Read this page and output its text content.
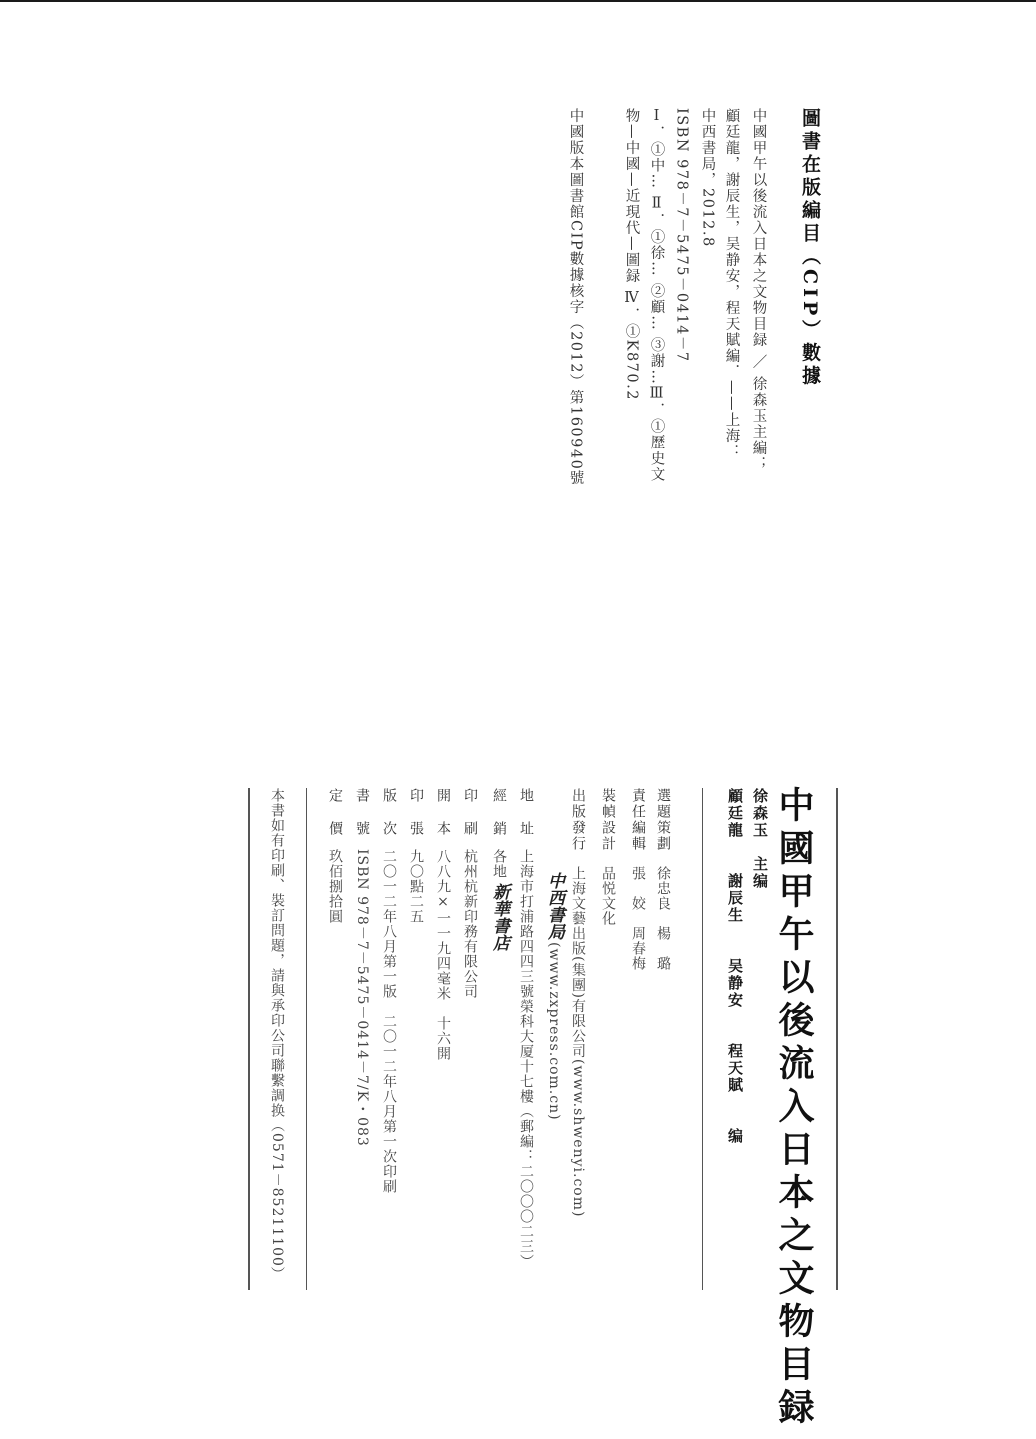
圖書在版編目（CIP）數據
中國甲午以後流入日本之文物目録 ／ 徐森玉主編；
顧廷龍，謝辰生，吴静安，程天賦編．——上海：
中西書局，2012.8
ISBN 978－7－5475－0414－7
Ⅰ．①中… Ⅱ．①徐… ②顧… ③謝…Ⅲ．①歷史文
物—中國—近現代—圖録 Ⅳ．①K870.2
中國版本圖書館CIP數據核字（2012）第160940號
中國甲午以後流入日本之文物目録
徐森玉　主编
顧廷龍　　謝辰生　　吴静安　　程天賦　　编
選題策劃徐忠良　楊　璐
責任編輯張　姣　周春梅
裝幀設計品悦文化
出版發行上海文藝出版(集團)有限公司(www.shwenyi.com)
中西書局(www.zxpress.com.cn)
地址上海市打浦路四四三號榮科大厦十七樓（郵編：二〇〇〇二三）
經銷各地新華書店
印刷杭州杭新印務有限公司
開本八八九×一一九四毫米　十六開
印張九〇點二五
版次二〇一二年八月第一版　二〇一二年八月第一次印刷
書號ISBN 978－7－5475－0414－7/K・083
定價玖佰捌拾圓
本書如有印刷、裝訂問題，請與承印公司聯繫調换（0571－85211100）
